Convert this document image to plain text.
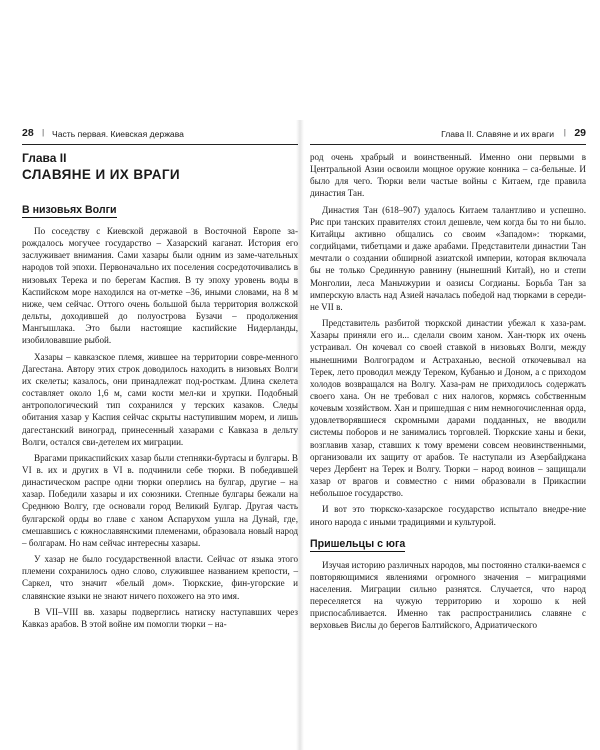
28 | Часть первая. Киевская держава
Глава II
СЛАВЯНЕ И ИХ ВРАГИ
В низовьях Волги

По соседству с Киевской державой в Восточной Европе за-рождалось могучее государство – Хазарский каганат. История его заслуживает внимания. Сами хазары были одним из заме-чательных народов той эпохи. Первоначально их поселения сосредоточивались в низовьях Терека и по берегам Каспия. В ту эпоху уровень воды в Каспийском море находился на от-метке –36, иными словами, на 8 м ниже, чем сейчас. Оттого очень большой была территория волжской дельты, доходившей до полуострова Бузачи – продолжения Мангышлака. Это были настоящие каспийские Нидерланды, изобиловавшие рыбой.

Хазары – кавказское племя, жившее на территории совре-менного Дагестана. Автору этих строк доводилось находить в низовьях Волги их скелеты; казалось, они принадлежат под-росткам. Длина скелета составляет около 1,6 м, сами кости мел-ки и хрупки. Подобный антропологический тип сохранился у терских казаков. Следы обитания хазар у Каспия сейчас скрыты наступившим морем, и лишь дагестанский виноград, принесенный хазарами с Кавказа в дельту Волги, остался сви-детелем их миграции.

Врагами прикаспийских хазар были степняки-буртасы и булгары. В VI в. их и других в VI в. подчинили себе тюрки. В победившей династическом распре одни тюрки оперлись на булгар, другие – на хазар. Победили хазары и их союзники. Степные булгары бежали на Среднюю Волгу, где основали город Великий Булгар. Другая часть булгарской орды во главе с ханом Аспарухом ушла на Дунай, где, смешавшись с южнославянскими племенами, образовала новый народ – болгарам. Но нам сейчас интересны хазары.

У хазар не было государственной власти. Сейчас от языка этого племени сохранилось одно слово, служившее названием крепости, – Саркел, что значит «белый дом». Тюркские, фин-угорские и славянские языки не знают ничего похожего на это имя.

В VII–VIII вв. хазары подверглись натиску наступавших через Кавказ арабов. В этой войне им помогли тюрки – на-

Глава II. Славяне и их враги | 29

род очень храбрый и воинственный. Именно они первыми в Центральной Азии освоили мощное оружие конника – са-бельные. И было для чего. Тюрки вели частые войны с Китаем, где правила династия Тан.

Династия Тан (618–907) удалось Китаем талантливо и успешно. Рис при танских правителях стоил дешевле, чем когда бы то ни было. Китайцы активно общались со своим «Западом»: тюрками, согдийцами, тибетцами и даже арабами. Представители династии Тан мечтали о создании обширной азиатской империи, которая включала бы не только Срединную равнину (нынешний Китай), но и степи Монголии, леса Маньчжурии и оазисы Согдианы. Борьба Тан за имперскую власть над Азией началась победой над тюрками в середи-не VII в.

Представитель разбитой тюркской династии убежал к хаза-рам. Хазары приняли его и... сделали своим ханом. Хан-тюрк их очень устраивал. Он кочевал со своей ставкой в низовьях Волги, между нынешними Волгоградом и Астраханью, весной откочевывал на Терек, лето проводил между Тереком, Кубанью и Доном, а с приходом холодов возвращался на Волгу. Хаза-рам не приходилось содержать своего хана. Он не требовал с них налогов, кормясь собственным кочевым хозяйством. Хан и пришедшая с ним немногочисленная орда, удовлетворявшиеся скромными дарами подданных, не вводили системы поборов и не занимались торговлей. Тюркские ханы и беки, возглавив хазар, ставших к тому времени совсем неовинственными, организовали их защиту от арабов. Те наступали из Азербайджана через Дербент на Терек и Волгу. Тюрки – народ воинов – защищали хазар от врагов и совместно с ними образовали в Прикаспии небольшое государство.

И вот это тюркско-хазарское государство испытало внедре-ние иного народа с иными традициями и культурой.

Пришельцы с юга

Изучая историю различных народов, мы постоянно сталки-ваемся с повторяющимися явлениями огромного значения – миграциями населения. Миграции сильно разнятся. Случается, что народ переселяется на чужую территорию и хорошо к ней приспосабливается. Именно так распространились славяне с верховьев Вислы до берегов Балтийского, Адриатического
